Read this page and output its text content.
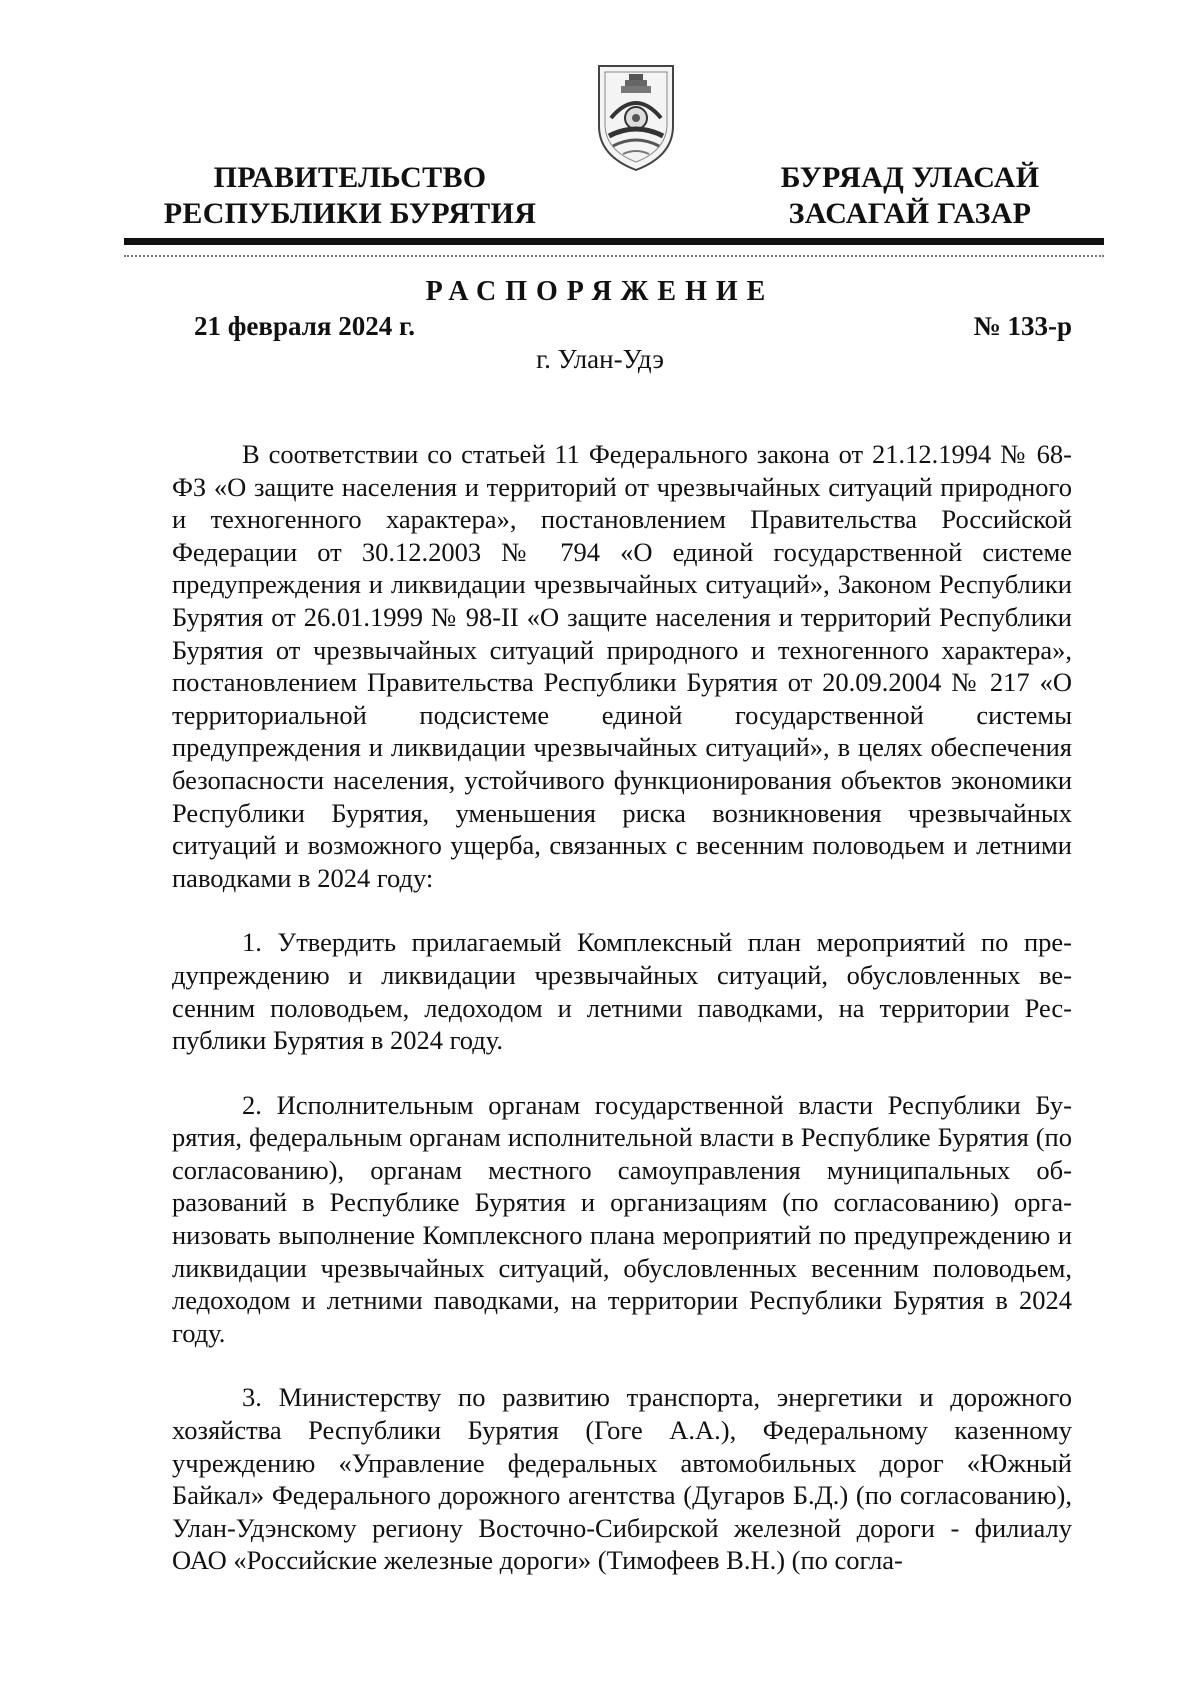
ПРАВИТЕЛЬСТВО
РЕСПУБЛИКИ БУРЯТИЯ
БУРЯАД УЛАСАЙ
ЗАСАГАЙ ГАЗАР
РАСПОРЯЖЕНИЕ
21 февраля 2024 г.	№ 133-р
г. Улан-Удэ

В соответствии со статьей 11 Федерального закона от 21.12.1994 № 68-ФЗ «О защите населения и территорий от чрезвычайных ситуаций природного и техногенного характера», постановлением Правительства Российской Федерации от 30.12.2003 № 794 «О единой государственной системе предупреждения и ликвидации чрезвычайных ситуаций», Законом Республики Бурятия от 26.01.1999 № 98-II «О защите населения и территорий Республики Бурятия от чрезвычайных ситуаций природного и техногенного характера», постановлением Правительства Республики Бурятия от 20.09.2004 № 217 «О территориальной подсистеме единой государственной системы предупреждения и ликвидации чрезвычайных ситуаций», в целях обеспечения безопасности населения, устойчивого функционирования объектов экономики Республики Бурятия, уменьшения риска возникновения чрезвычайных ситуаций и возможного ущерба, связанных с весенним половодьем и летними паводками в 2024 году:

1. Утвердить прилагаемый Комплексный план мероприятий по предупреждению и ликвидации чрезвычайных ситуаций, обусловленных весенним половодьем, ледоходом и летними паводками, на территории Республики Бурятия в 2024 году.

2. Исполнительным органам государственной власти Республики Бурятия, федеральным органам исполнительной власти в Республике Бурятия (по согласованию), органам местного самоуправления муниципальных образований в Республике Бурятия и организациям (по согласованию) организовать выполнение Комплексного плана мероприятий по предупреждению и ликвидации чрезвычайных ситуаций, обусловленных весенним половодьем, ледоходом и летними паводками, на территории Республики Бурятия в 2024 году.

3. Министерству по развитию транспорта, энергетики и дорожного хозяйства Республики Бурятия (Гоге А.А.), Федеральному казенному учреждению «Управление федеральных автомобильных дорог «Южный Байкал» Федерального дорожного агентства (Дугаров Б.Д.) (по согласованию), Улан-Удэнскому региону Восточно-Сибирской железной дороги - филиалу ОАО «Российские железные дороги» (Тимофеев В.Н.) (по согла-
